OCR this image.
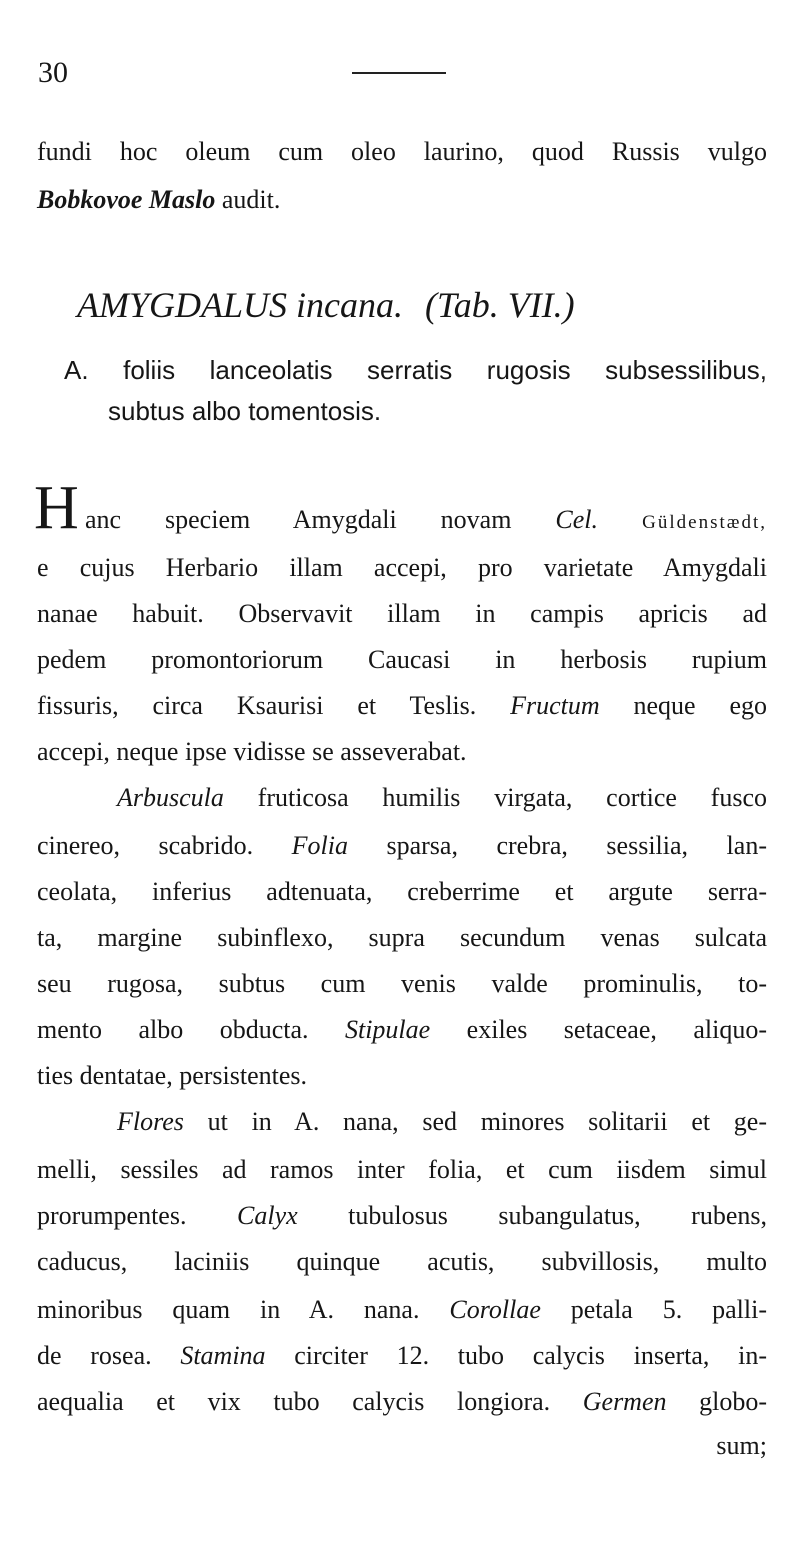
30
fundi hoc oleum cum oleo laurino, quod Russis vulgo
Bobkovoe Maslo audit.
AMYGDALUS incana. (Tab. VII.)
A. foliis lanceolatis serratis rugosis subsessilibus,
subtus albo tomentosis.
H anc speciem Amygdali novam Cel. Güldenstædt,
e cujus Herbario illam accepi, pro varietate Amygdali
nanae habuit. Observavit illam in campis apricis ad
pedem promontoriorum Caucasi in herbosis rupium
fissuris, circa Ksaurisi et Teslis. Fructum neque ego
accepi, neque ipse vidisse se asseverabat.
Arbuscula fruticosa humilis virgata, cortice fusco
cinereo, scabrido. Folia sparsa, crebra, sessilia, lan-
ceolata, inferius adtenuata, creberrime et argute serra-
ta, margine subinflexo, supra secundum venas sulcata
seu rugosa, subtus cum venis valde prominulis, to-
mento albo obducta. Stipulae exiles setaceae, aliquo-
ties dentatae, persistentes.
Flores ut in A. nana, sed minores solitarii et ge-
melli, sessiles ad ramos inter folia, et cum iisdem simul
prorumpentes. Calyx tubulosus subangulatus, rubens,
caducus, laciniis quinque acutis, subvillosis, multo
minoribus quam in A. nana. Corollae petala 5. palli-
de rosea. Stamina circiter 12. tubo calycis inserta, in-
aequalia et vix tubo calycis longiora. Germen globo-
sum;
